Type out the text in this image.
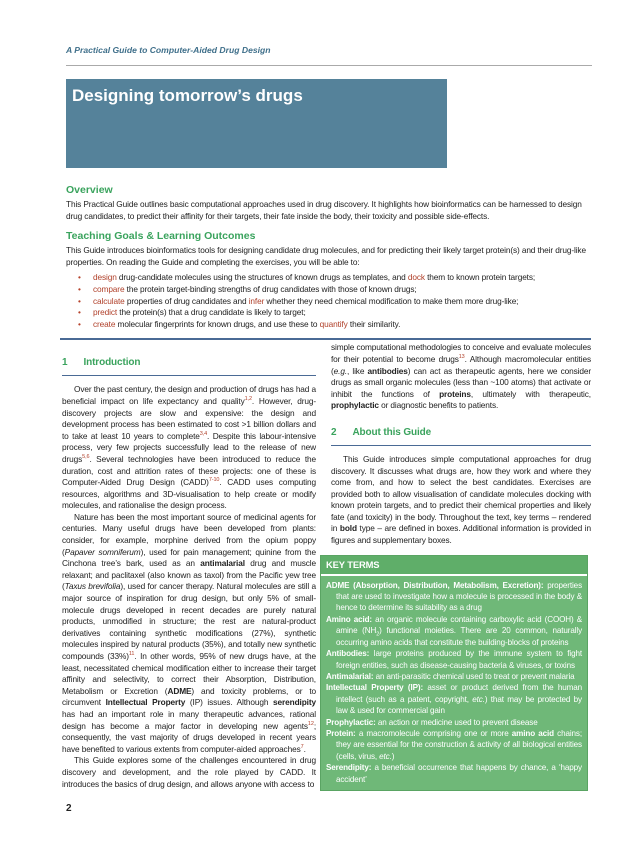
A Practical Guide to Computer-Aided Drug Design
Designing tomorrow’s drugs
Overview
This Practical Guide outlines basic computational approaches used in drug discovery. It highlights how bioinformatics can be harnessed to design drug candidates, to predict their affinity for their targets, their fate inside the body, their toxicity and possible side-effects.
Teaching Goals & Learning Outcomes
This Guide introduces bioinformatics tools for designing candidate drug molecules, and for predicting their likely target protein(s) and their drug-like properties. On reading the Guide and completing the exercises, you will be able to:
• design drug-candidate molecules using the structures of known drugs as templates, and dock them to known protein targets;
• compare the protein target-binding strengths of drug candidates with those of known drugs;
• calculate properties of drug candidates and infer whether they need chemical modification to make them more drug-like;
• predict the protein(s) that a drug candidate is likely to target;
• create molecular fingerprints for known drugs, and use these to quantify their similarity.
1 Introduction

Over the past century, the design and production of drugs has had a beneficial impact on life expectancy and quality$^{1,2}$. However, drug-discovery projects are slow and expensive: the design and development process has been estimated to cost >1 billion dollars and to take at least 10 years to complete$^{3,4}$. Despite this labour-intensive process, very few projects successfully lead to the release of new drugs$^{5,6}$. Several technologies have been introduced to reduce the duration, cost and attrition rates of these projects: one of these is Computer-Aided Drug Design (CADD)$^{7-10}$. CADD uses computing resources, algorithms and 3D-visualisation to help create or modify molecules, and rationalise the design process.

Nature has been the most important source of medicinal agents for centuries. Many useful drugs have been developed from plants: consider, for example, morphine derived from the opium poppy (Papaver somniferum), used for pain management; quinine from the Cinchona tree’s bark, used as an antimalarial drug and muscle relaxant; and paclitaxel (also known as taxol) from the Pacific yew tree (Taxus brevifolia), used for cancer therapy. Natural molecules are still a major source of inspiration for drug design, but only 5% of small-molecule drugs developed in recent decades are purely natural products, unmodified in structure; the rest are natural-product derivatives containing synthetic modifications (27%), synthetic molecules inspired by natural products (35%), and totally new synthetic compounds $(33\%)^{11}$. In other words, 95% of new drugs have, at the least, necessitated chemical modification either to increase their target affinity and selectivity, to correct their Absorption, Distribution, Metabolism or Excretion (ADME) and toxicity problems, or to circumvent Intellectual Property (IP) issues. Although serendipity has had an important role in many therapeutic advances, rational design has become a major factor in developing new agents$^{12}$; consequently, the vast majority of drugs developed in recent years have benefited to various extents from computer-aided approaches$^7$.

This Guide explores some of the challenges encountered in drug discovery and development, and the role played by CADD. It introduces the basics of drug design, and allows anyone with access to

simple computational methodologies to conceive and evaluate molecules for their potential to become drugs$^{13}$. Although macromolecular entities (e.g., like antibodies) can act as therapeutic agents, here we consider drugs as small organic molecules (less than ~100 atoms) that activate or inhibit the functions of proteins, ultimately with therapeutic, prophylactic or diagnostic benefits to patients.

2 About this Guide

This Guide introduces simple computational approaches for drug discovery. It discusses what drugs are, how they work and where they come from, and how to select the best candidates. Exercises are provided both to allow visualisation of candidate molecules docking with known protein targets, and to predict their chemical properties and likely fate (and toxicity) in the body. Throughout the text, key terms – rendered in bold type – are defined in boxes. Additional information is provided in figures and supplementary boxes.

KEY TERMS
ADME (Absorption, Distribution, Metabolism, Excretion): properties that are used to investigate how a molecule is processed in the body & hence to determine its suitability as a drug
Amino acid: an organic molecule containing carboxylic acid (COOH) & amine $(NH_2)$ functional moieties. There are 20 common, naturally occurring amino acids that constitute the building-blocks of proteins
Antibodies: large proteins produced by the immune system to fight foreign entities, such as disease-causing bacteria & viruses, or toxins
Antimalarial: an anti-parasitic chemical used to treat or prevent malaria
Intellectual Property (IP): asset or product derived from the human intellect (such as a patent, copyright, etc.) that may be protected by law & used for commercial gain
Prophylactic: an action or medicine used to prevent disease
Protein: a macromolecule comprising one or more amino acid chains; they are essential for the construction & activity of all biological entities (cells, virus, etc.)
Serendipity: a beneficial occurrence that happens by chance, a ‘happy accident’
2
